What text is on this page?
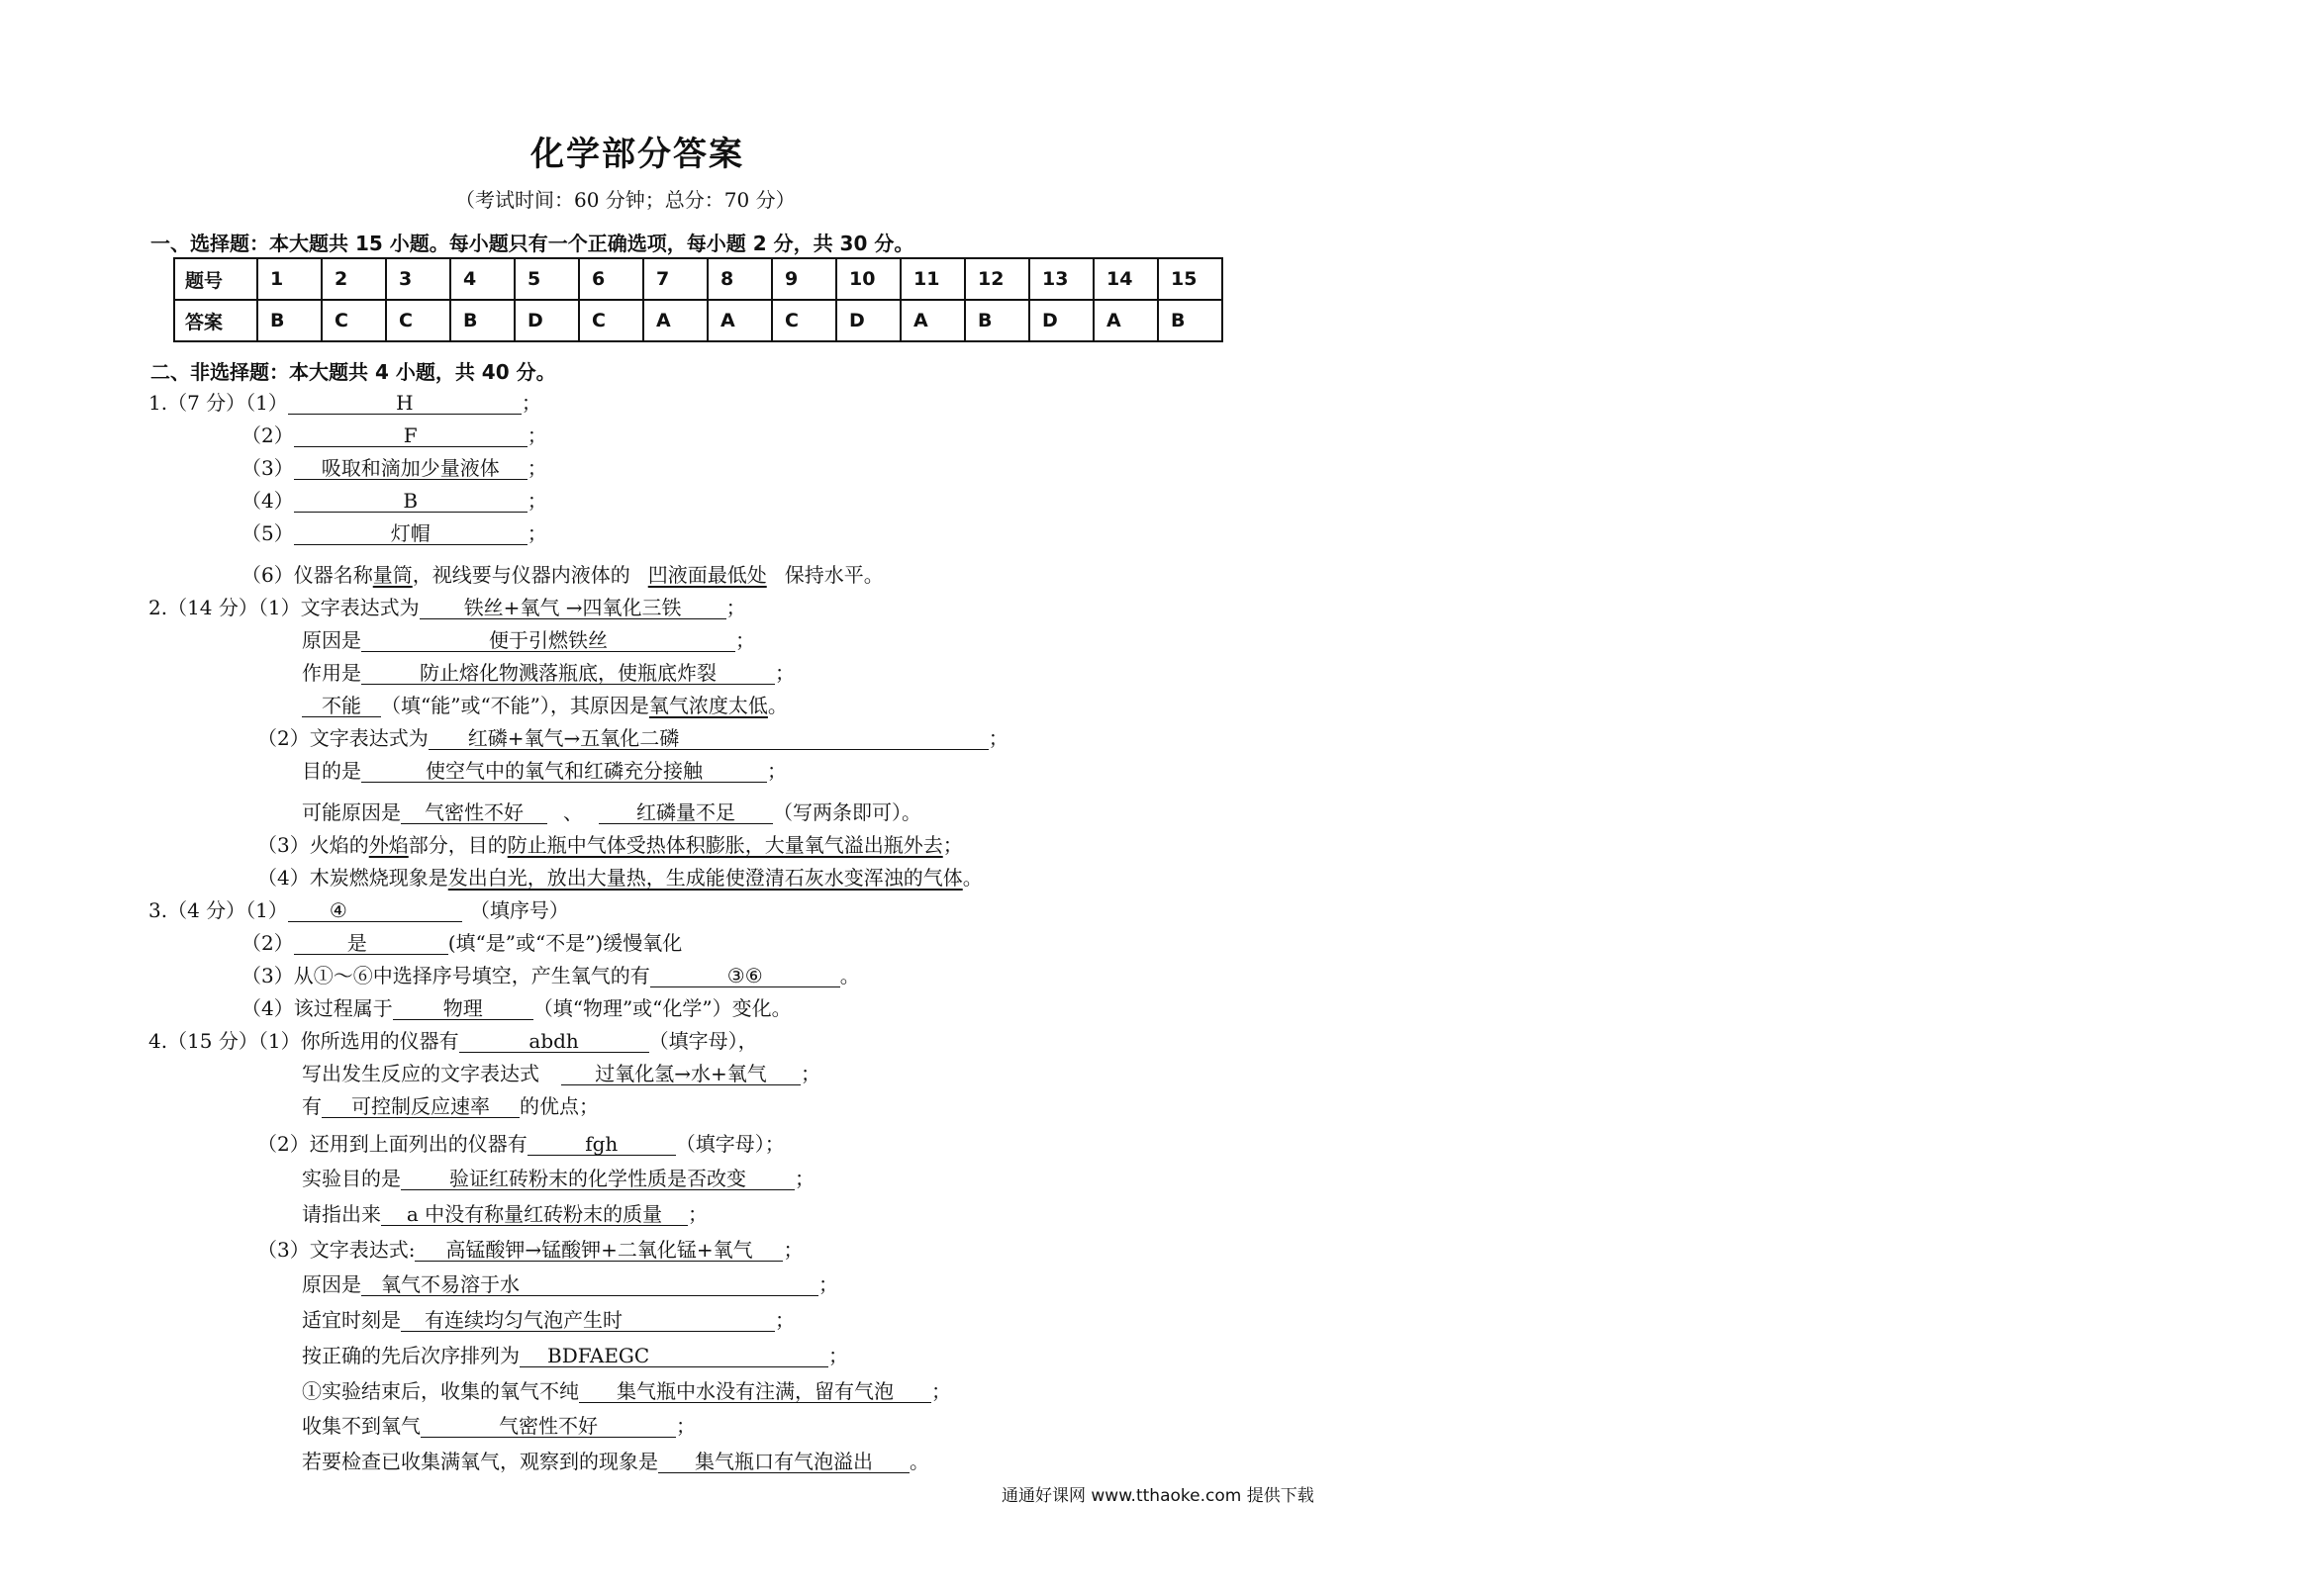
化学部分答案
（考试时间：60 分钟；总分：70 分）
一、选择题：本大题共 15 小题。每小题只有一个正确选项，每小题 2 分，共 30 分。
题号	1	2	3	4	5	6	7	8	9	10	11	12	13	14	15
答案	B	C	C	B	D	C	A	A	C	D	A	B	D	A	B
二、非选择题：本大题共 4 小题，共 40 分。
1.（7 分）（1）	H	；
（2）	F	；
（3） 吸取和滴加少量液体 ；
（4）	B	；
（5）	灯帽	；
（6）仪器名称量筒，视线要与仪器内液体的 凹液面最低处 保持水平。
2.（14 分）（1）文字表达式为 铁丝+氧气 →四氧化三铁 ；
原因是	便于引燃铁丝	；
作用是	防止熔化物溅落瓶底，使瓶底炸裂	；
不能 （填“能”或“不能”），其原因是氧气浓度太低。
（2）文字表达式为 红磷+氧气→五氧化二磷	；
目的是	使空气中的氧气和红磷充分接触	；
可能原因是 气密性不好 、	红磷量不足 （写两条即可）。
（3）火焰的外焰部分，目的防止瓶中气体受热体积膨胀，大量氧气溢出瓶外去；
（4）木炭燃烧现象是发出白光，放出大量热，生成能使澄清石灰水变浑浊的气体。
3.（4 分）（1） ④	（填序号）
（2）	是	(填“是”或“不是”)缓慢氧化
（3）从①～⑥中选择序号填空，产生氧气的有	③⑥	。
（4）该过程属于	物理	（填“物理”或“化学”）变化。
4.（15 分）（1）你所选用的仪器有	abdh	（填字母），
写出发生反应的文字表达式	过氧化氢→水+氧气 ；
有 可控制反应速率 的优点；
（2）还用到上面列出的仪器有	fgh	（填字母）；
实验目的是 验证红砖粉末的化学性质是否改变 ；
请指出来 a 中没有称量红砖粉末的质量 ；
（3）文字表达式: 高锰酸钾→锰酸钾+二氧化锰+氧气 ；
原因是 氧气不易溶于水	；
适宜时刻是 有连续均匀气泡产生时	；
按正确的先后次序排列为 BDFAEGC	；
①实验结束后，收集的氧气不纯 集气瓶中水没有注满，留有气泡 ；
收集不到氧气	气密性不好	；
若要检查已收集满氧气，观察到的现象是 集气瓶口有气泡溢出 。
通通好课网 www.tthaoke.com 提供下载
